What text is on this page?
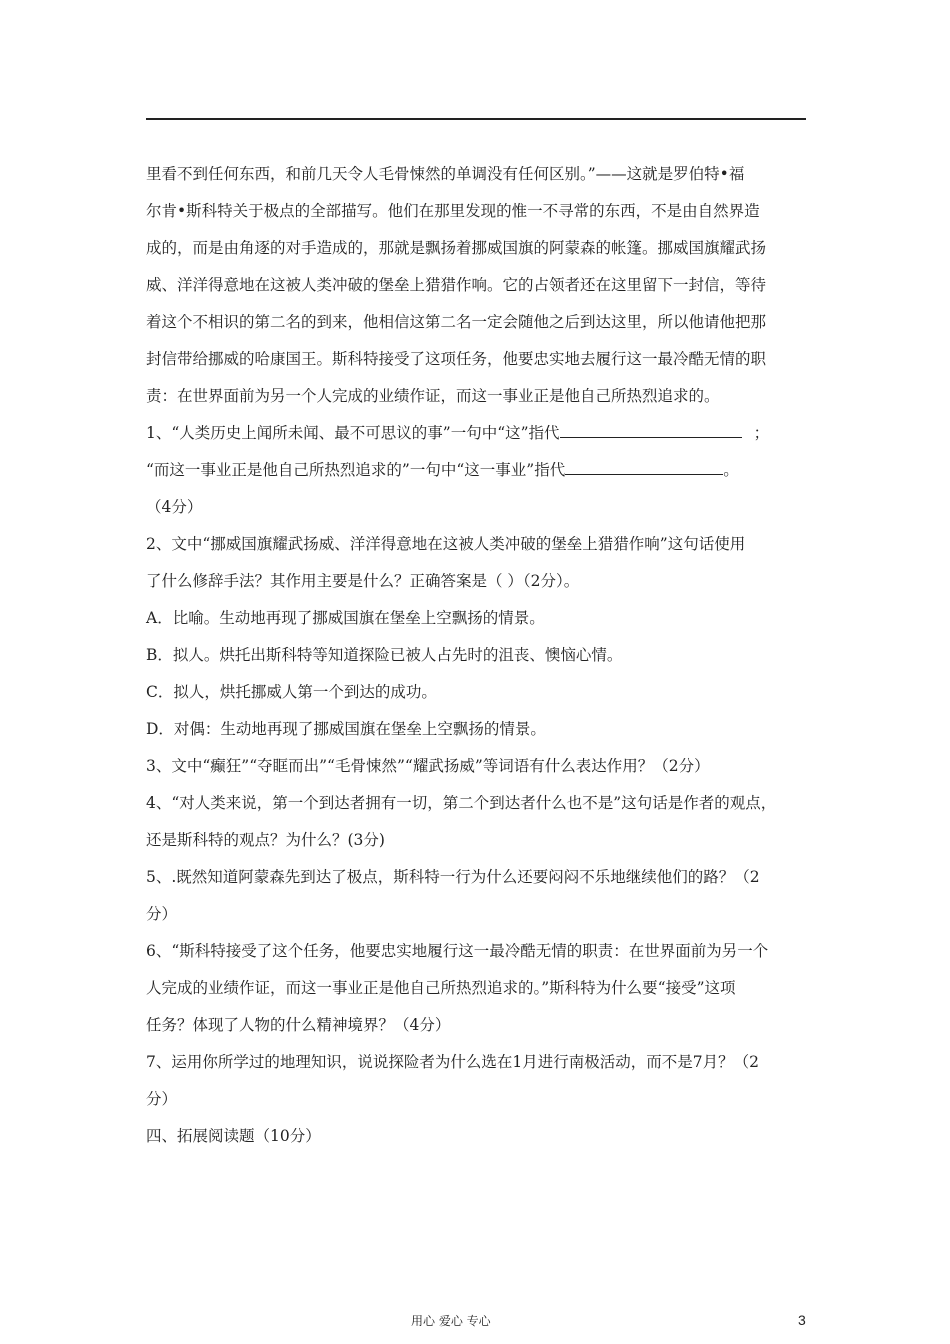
里看不到任何东西，和前几天令人毛骨悚然的单调没有任何区别。”——这就是罗伯特•福
尔肯•斯科特关于极点的全部描写。他们在那里发现的惟一不寻常的东西，不是由自然界造
成的，而是由角逐的对手造成的，那就是飘扬着挪威国旗的阿蒙森的帐篷。挪威国旗耀武扬
威、洋洋得意地在这被人类冲破的堡垒上猎猎作响。它的占领者还在这里留下一封信，等待
着这个不相识的第二名的到来，他相信这第二名一定会随他之后到达这里，所以他请他把那
封信带给挪威的哈康国王。斯科特接受了这项任务，他要忠实地去履行这一最冷酷无情的职
责：在世界面前为另一个人完成的业绩作证，而这一事业正是他自己所热烈追求的。
1、“人类历史上闻所未闻、最不可思议的事”一句中“这”指代	；
“而这一事业正是他自己所热烈追求的”一句中“这一事业”指代	。
（4分）
2、文中“挪威国旗耀武扬威、洋洋得意地在这被人类冲破的堡垒上猎猎作响”这句话使用
了什么修辞手法？其作用主要是什么？正确答案是（ ）（2分）。
A．比喻。生动地再现了挪威国旗在堡垒上空飘扬的情景。
B．拟人。烘托出斯科特等知道探险已被人占先时的沮丧、懊恼心情。
C．拟人，烘托挪威人第一个到达的成功。
D．对偶：生动地再现了挪威国旗在堡垒上空飘扬的情景。
3、文中“癫狂”“夺眶而出”“毛骨悚然”“耀武扬威”等词语有什么表达作用？（2分）
4、“对人类来说，第一个到达者拥有一切，第二个到达者什么也不是”这句话是作者的观点，
还是斯科特的观点？为什么？(3分)
5、.既然知道阿蒙森先到达了极点，斯科特一行为什么还要闷闷不乐地继续他们的路？（2
分）
6、“斯科特接受了这个任务，他要忠实地履行这一最冷酷无情的职责：在世界面前为另一个
人完成的业绩作证，而这一事业正是他自己所热烈追求的。”斯科特为什么要“接受”这项
任务？体现了人物的什么精神境界？（4分）
7、运用你所学过的地理知识，说说探险者为什么选在1月进行南极活动，而不是7月？（2
分）
四、拓展阅读题（10分）
用心 爱心 专心	3
